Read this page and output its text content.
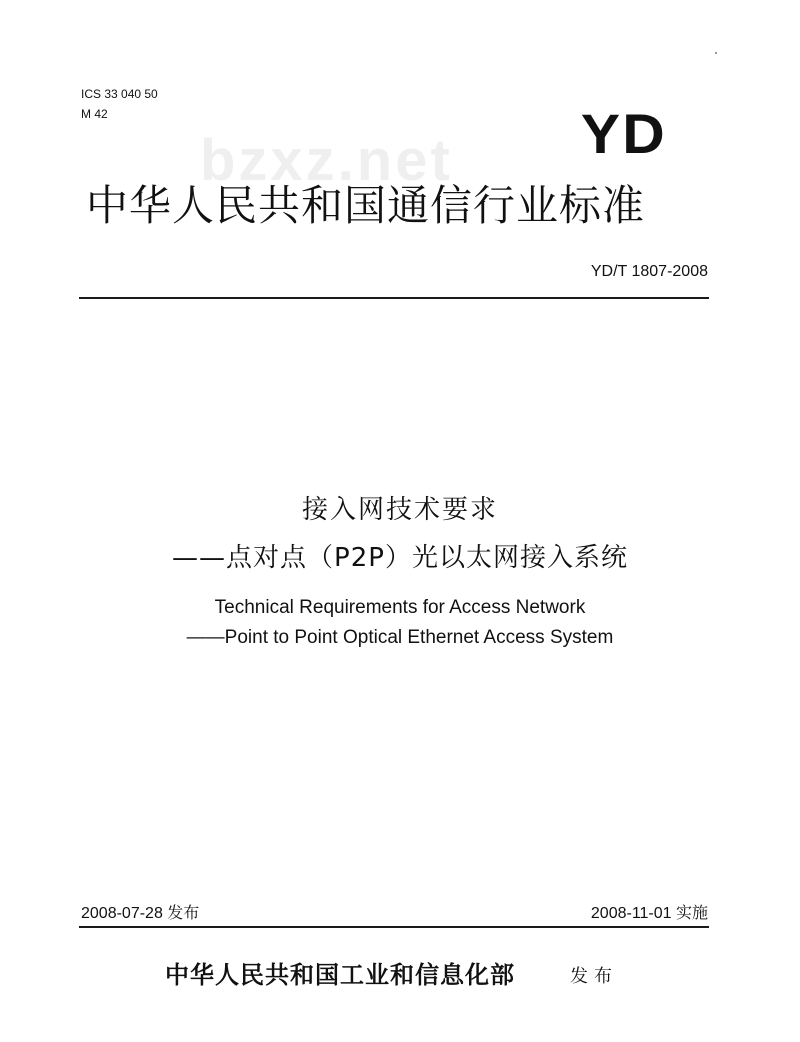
ICS 33 040 50
M 42	YD
bzxz.net
中华人民共和国通信行业标准
YD/T 1807-2008
接入网技术要求
——点对点（P2P）光以太网接入系统
Technical Requirements for Access Network
——Point to Point Optical Ethernet Access System
2008-07-28 发布	2008-11-01 实施
中华人民共和国工业和信息化部	发布
